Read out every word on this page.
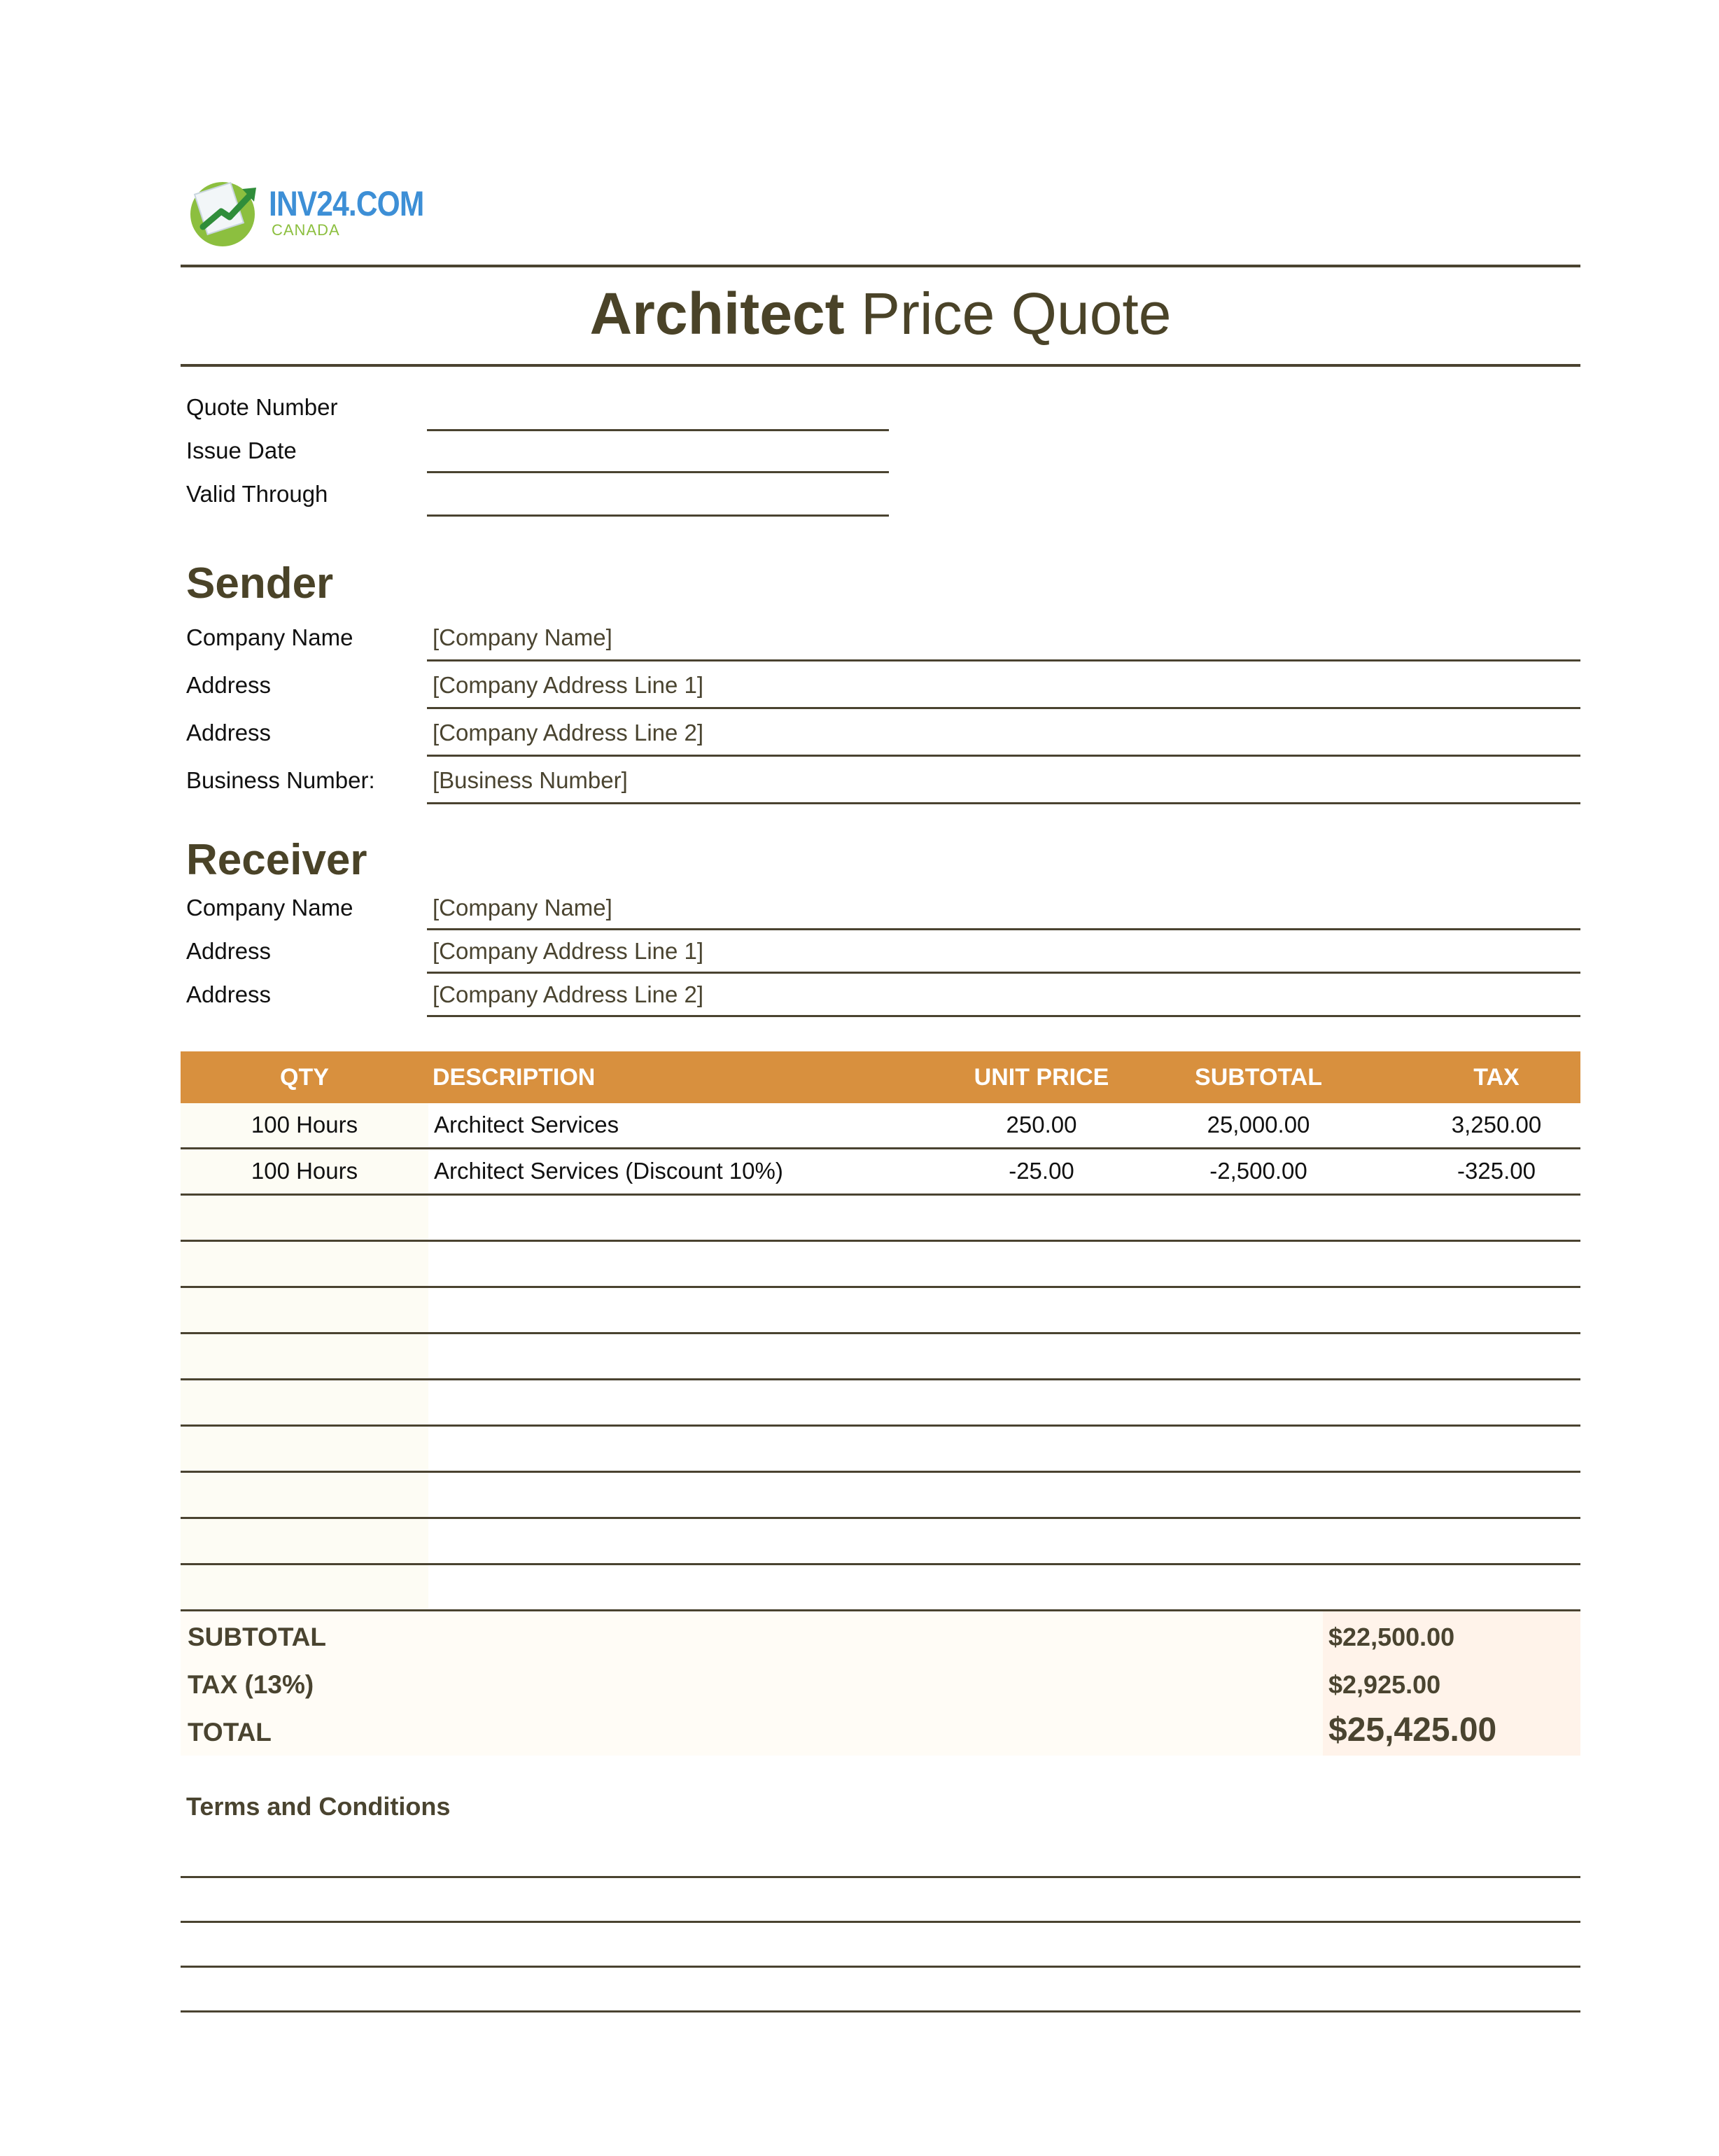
INV24.COM
CANADA
Architect Price Quote
Quote Number
Issue Date
Valid Through
Sender
Company Name	[Company Name]
Address	[Company Address Line 1]
Address	[Company Address Line 2]
Business Number: [Business Number]
Receiver
Company Name	[Company Name]
Address	[Company Address Line 1]
Address	[Company Address Line 2]
QTY	DESCRIPTION	UNIT PRICE	SUBTOTAL	TAX
100 Hours	Architect Services	250.00	25,000.00	3,250.00
100 Hours	Architect Services (Discount 10%)	-25.00	-2,500.00	-325.00
SUBTOTAL	$22,500.00
TAX (13%)	$2,925.00
TOTAL	$25,425.00
Terms and Conditions
